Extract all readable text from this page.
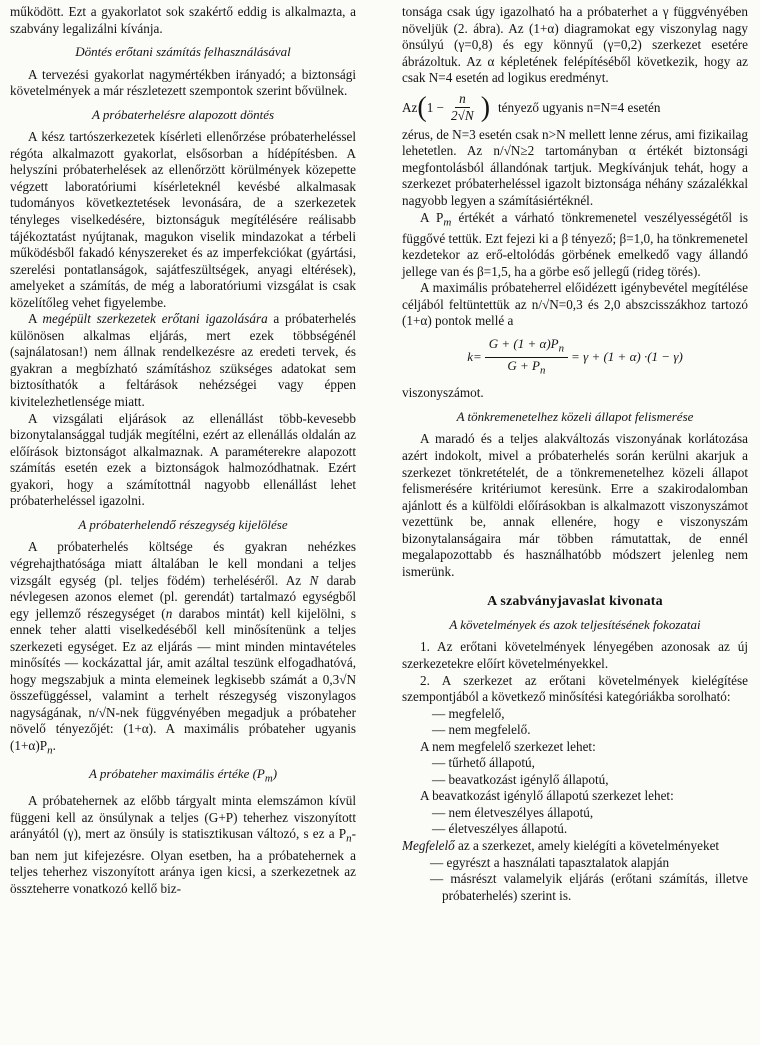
működött. Ezt a gyakorlatot sok szakértő eddig is alkalmazta, a szabvány legalizálni kívánja.

Döntés erőtani számítás felhasználásával

A tervezési gyakorlat nagymértékben irányadó; a biztonsági követelmények a már részletezett szempontok szerint bővülnek.

A próbaterhelésre alapozott döntés

A kész tartószerkezetek kísérleti ellenőrzése próbaterheléssel régóta alkalmazott gyakorlat, elsősorban a hídépítésben. A helyszíni próbaterhelések az ellenőrzött körülmények közepette végzett laboratóriumi kísérleteknél kevésbé alkalmasak tudományos következtetések levonására, de a szerkezetek tényleges viselkedésére, biztonságuk megítélésére reálisabb tájékoztatást nyújtanak, magukon viselik mindazokat a térbeli működésből fakadó kényszereket és az imperfekciókat (gyártási, szerelési pontatlanságok, sajátfeszültségek, anyagi eltérések), amelyeket a számítás, de még a laboratóriumi vizsgálat is csak közelítőleg vehet figyelembe.

A megépült szerkezetek erőtani igazolására a próbaterhelés különösen alkalmas eljárás, mert ezek többségénél (sajnálatosan!) nem állnak rendelkezésre az eredeti tervek, és gyakran a megbízható számításhoz szükséges adatokat sem biztosíthatók a feltárások nehézségei vagy éppen kivitelezhetlensége miatt.

A vizsgálati eljárások az ellenállást több-kevesebb bizonytalansággal tudják megítélni, ezért az ellenállás oldalán az előírások biztonságot alkalmaznak. A paraméterekre alapozott számítás esetén ezek a biztonságok halmozódhatnak. Ezért gyakori, hogy a számítottnál nagyobb ellenállást lehet próbaterheléssel igazolni.

A próbaterhelendő részegység kijelölése

A próbaterhelés költsége és gyakran nehézkes végrehajthatósága miatt általában le kell mondani a teljes vizsgált egység (pl. teljes födém) terheléséről. Az N darab névlegesen azonos elemet (pl. gerendát) tartalmazó egységből egy jellemző részegységet (n darabos mintát) kell kijelölni, s ennek teher alatti viselkedéséből kell minősítenünk a teljes szerkezeti egységet. Ez az eljárás — mint minden mintavételes minősítés — kockázattal jár, amit azáltal teszünk elfogadhatóvá, hogy megszabjuk a minta elemeinek legkisebb számát a 0,3√N összefüggéssel, valamint a terhelt részegység viszonylagos nagyságának, n/√N-nek függvényében megadjuk a próbateher növelő tényezőjét: (1+α). A maximális próbateher ugyanis $(1+\alpha)P_n$.

A próbateher maximális értéke $(P_m)$

A próbatehernek az előbb tárgyalt minta elemszámon kívül függeni kell az önsúlynak a teljes (G+P) teherhez viszonyított arányától (γ), mert az önsúly is statisztikusan változó, s ez a $P_n$-ban nem jut kifejezésre. Olyan esetben, ha a próbatehernek a teljes teherhez viszonyított aránya igen kicsi, a szerkezetnek az összteherre vonatkozó kellő biz-

tonsága csak úgy igazolható ha a próbaterhet a γ függvényében növeljük (2. ábra). Az (1+α) diagramokat egy viszonylag nagy önsúlyú (γ=0,8) és egy könnyű (γ=0,2) szerkezet esetére ábrázoltuk. Az α képletének felépítéséből következik, hogy az csak N=4 esetén ad logikus eredményt.

Az ( $1 - \frac{n}{2√N}$ ) tényező ugyanis n=N=4 esetén

zérus, de N=3 esetén csak n>N mellett lenne zérus, ami fizikailag lehetetlen. Az n/√N≥2 tartományban α értékét biztonsági megfontolásból állandónak tartjuk. Megkívánjuk tehát, hogy a szerkezet próbaterheléssel igazolt biztonsága néhány százalékkal nagyobb legyen a számításiértéknél.

A $P_m$ értékét a várható tönkremenetel veszélyességétől is függővé tettük. Ezt fejezi ki a β tényező; β=1,0, ha tönkremenetel kezdetekor az erő-eltolódás görbének emelkedő vagy állandó jellege van és β=1,5, ha a görbe eső jellegű (rideg törés).

A maximális próbateherrel előidézett igénybevétel megítélése céljából feltüntettük az n/√N=0,3 és 2,0 abszcisszákhoz tartozó (1+α) pontok mellé a

$k= \frac{G + (1 + \alpha)P_n}{G + P_n} = \gamma + (1 + \alpha) \cdot(1 - \gamma)$

viszonyszámot.

A tönkremenetelhez közeli állapot felismerése

A maradó és a teljes alakváltozás viszonyának korlátozása azért indokolt, mivel a próbaterhelés során kerülni akarjuk a szerkezet tönkretételét, de a tönkremenetelhez közeli állapot felismerésére kritériumot keresünk. Erre a szakirodalomban ajánlott és a külföldi előírásokban is alkalmazott viszonyszámot vezettünk be, annak ellenére, hogy e viszonyszám bizonytalanságaira már többen rámutattak, de ennél megalapozottabb és használhatóbb módszert jelenleg nem ismerünk.

A szabványjavaslat kivonata
A követelmények és azok teljesítésének fokozatai

1. Az erőtani követelmények lényegében azonosak az új szerkezetekre előírt követelményekkel.

2. A szerkezet az erőtani követelmények kielégítése szempontjából a következő minősítési kategóriákba sorolható:

— megfelelő,
— nem megfelelő.
A nem megfelelő szerkezet lehet:
— tűrhető állapotú,
— beavatkozást igénylő állapotú,
A beavatkozást igénylő állapotú szerkezet lehet:
— nem életveszélyes állapotú,
— életveszélyes állapotú.

Megfelelő az a szerkezet, amely kielégíti a követelményeket

— egyrészt a használati tapasztalatok alapján
— másrészt valamelyik eljárás (erőtani számítás, illetve próbaterhelés) szerint is.
